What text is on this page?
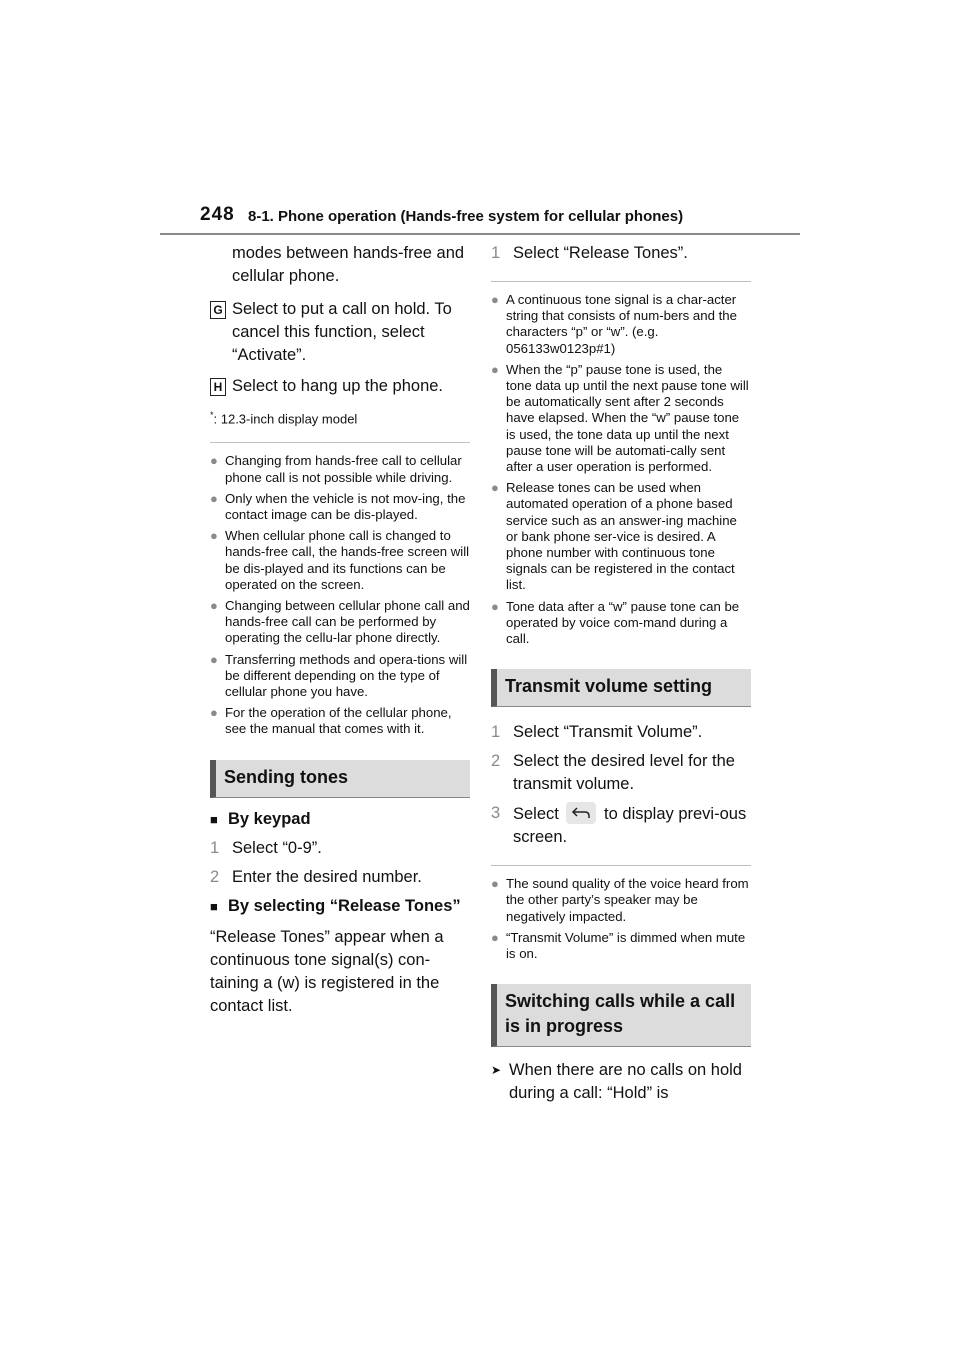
248 8-1. Phone operation (Hands-free system for cellular phones)

modes between hands-free and cellular phone.

G Select to put a call on hold. To cancel this function, select “Activate”.
H Select to hang up the phone.

*: 12.3-inch display model

● Changing from hands-free call to cellular phone call is not possible while driving.
● Only when the vehicle is not mov-ing, the contact image can be dis-played.
● When cellular phone call is changed to hands-free call, the hands-free screen will be dis-played and its functions can be operated on the screen.
● Changing between cellular phone call and hands-free call can be performed by operating the cellu-lar phone directly.
● Transferring methods and opera-tions will be different depending on the type of cellular phone you have.
● For the operation of the cellular phone, see the manual that comes with it.
Sending tones
■ By keypad
1 Select “0-9”.
2 Enter the desired number.
■ By selecting “Release Tones”

“Release Tones” appear when a continuous tone signal(s) con-taining a (w) is registered in the contact list.

1 Select “Release Tones”.
● A continuous tone signal is a char-acter string that consists of num-bers and the characters “p” or “w”. (e.g. 056133w0123p#1)
● When the “p” pause tone is used, the tone data up until the next pause tone will be automatically sent after 2 seconds have elapsed. When the “w” pause tone is used, the tone data up until the next pause tone will be automati-cally sent after a user operation is performed.
● Release tones can be used when automated operation of a phone based service such as an answer-ing machine or bank phone ser-vice is desired. A phone number with continuous tone signals can be registered in the contact list.
● Tone data after a “w” pause tone can be operated by voice com-mand during a call.
Transmit volume setting
1 Select “Transmit Volume”.
2 Select the desired level for the transmit volume.
3 Select	to display previ-ous screen.
● The sound quality of the voice heard from the other party’s speaker may be negatively impacted.
● “Transmit Volume” is dimmed when mute is on.
Switching calls while a call is in progress
➤ When there are no calls on hold during a call: “Hold” is
